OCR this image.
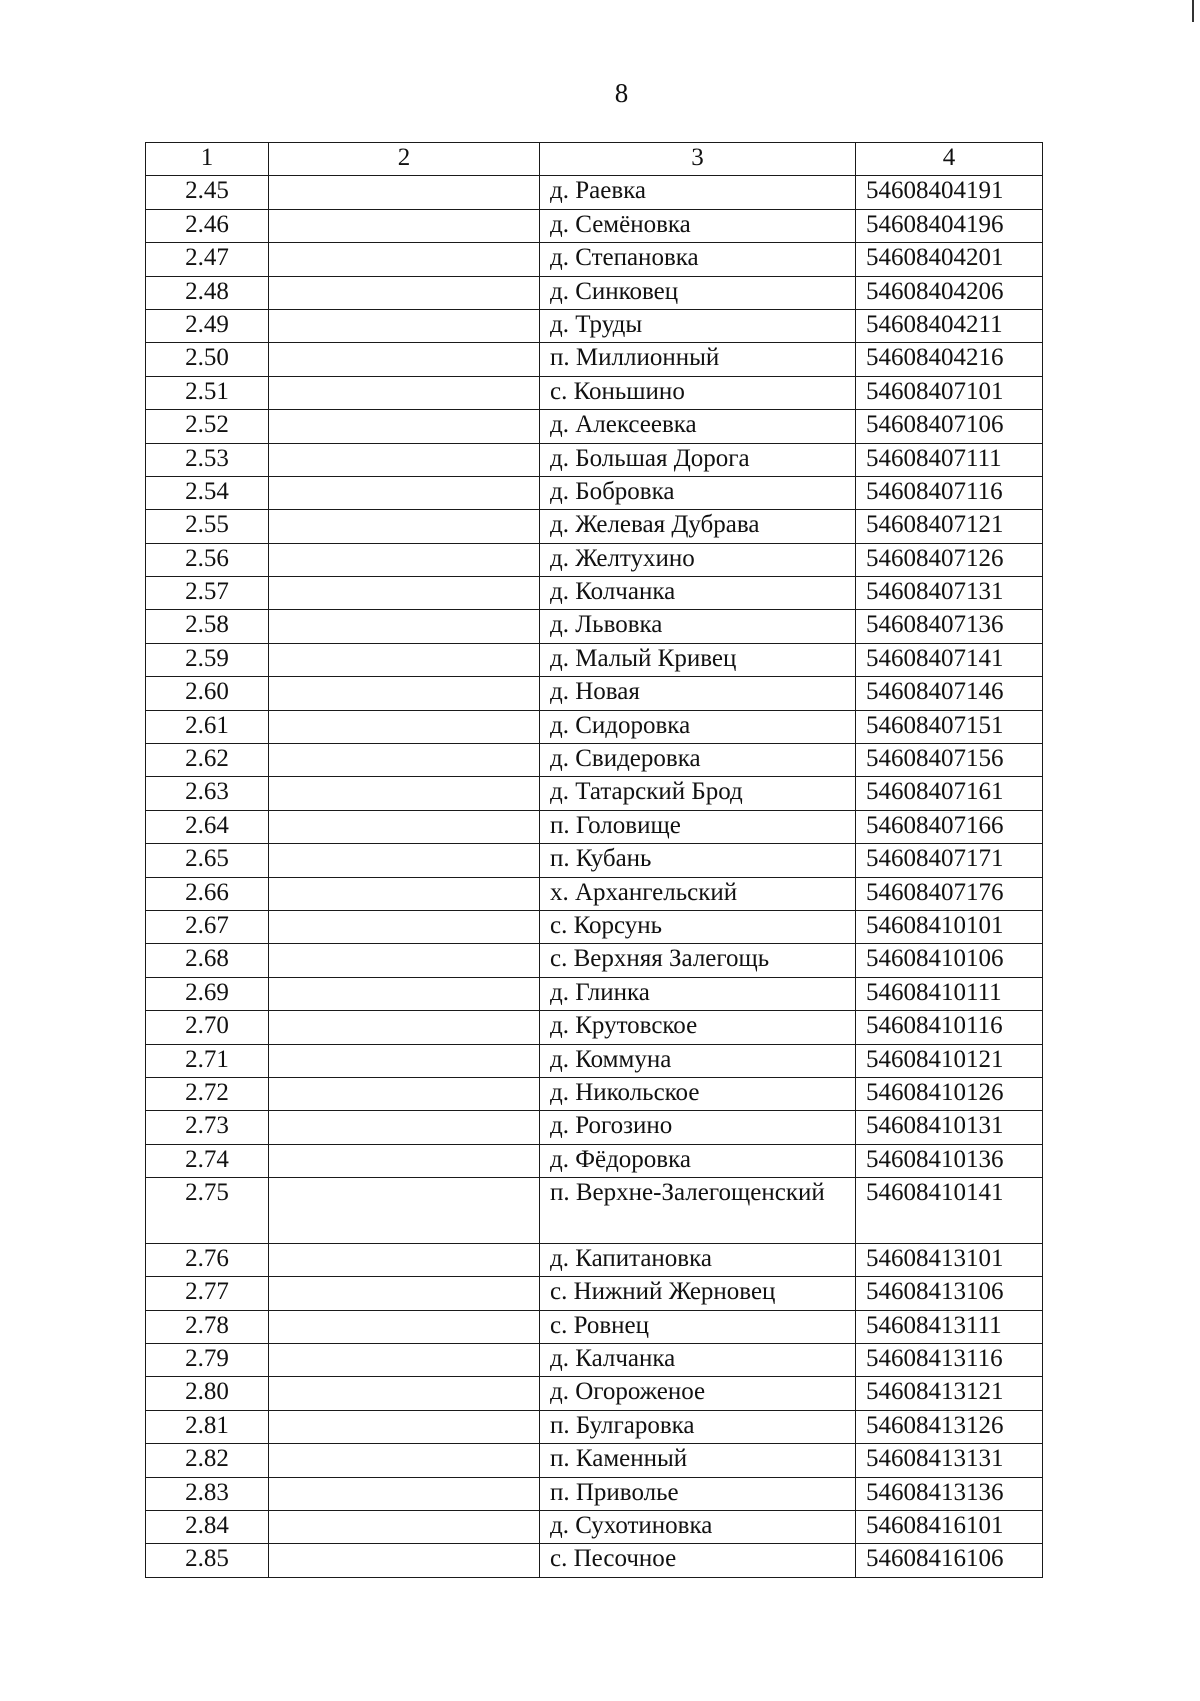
8
1	2	3	4
2.45		д. Раевка	54608404191
2.46		д. Семёновка	54608404196
2.47		д. Степановка	54608404201
2.48		д. Синковец	54608404206
2.49		д. Труды	54608404211
2.50		п. Миллионный	54608404216
2.51		с. Коньшино	54608407101
2.52		д. Алексеевка	54608407106
2.53		д. Большая Дорога	54608407111
2.54		д. Бобровка	54608407116
2.55		д. Желевая Дубрава	54608407121
2.56		д. Желтухино	54608407126
2.57		д. Колчанка	54608407131
2.58		д. Львовка	54608407136
2.59		д. Малый Кривец	54608407141
2.60		д. Новая	54608407146
2.61		д. Сидоровка	54608407151
2.62		д. Свидеровка	54608407156
2.63		д. Татарский Брод	54608407161
2.64		п. Головище	54608407166
2.65		п. Кубань	54608407171
2.66		х. Архангельский	54608407176
2.67		с. Корсунь	54608410101
2.68		с. Верхняя Залегощь	54608410106
2.69		д. Глинка	54608410111
2.70		д. Крутовское	54608410116
2.71		д. Коммуна	54608410121
2.72		д. Никольское	54608410126
2.73		д. Рогозино	54608410131
2.74		д. Фёдоровка	54608410136
2.75		п. Верхне-Залегощенский	54608410141
2.76		д. Капитановка	54608413101
2.77		с. Нижний Жерновец	54608413106
2.78		с. Ровнец	54608413111
2.79		д. Калчанка	54608413116
2.80		д. Огороженое	54608413121
2.81		п. Булгаровка	54608413126
2.82		п. Каменный	54608413131
2.83		п. Приволье	54608413136
2.84		д. Сухотиновка	54608416101
2.85		с. Песочное	54608416106
